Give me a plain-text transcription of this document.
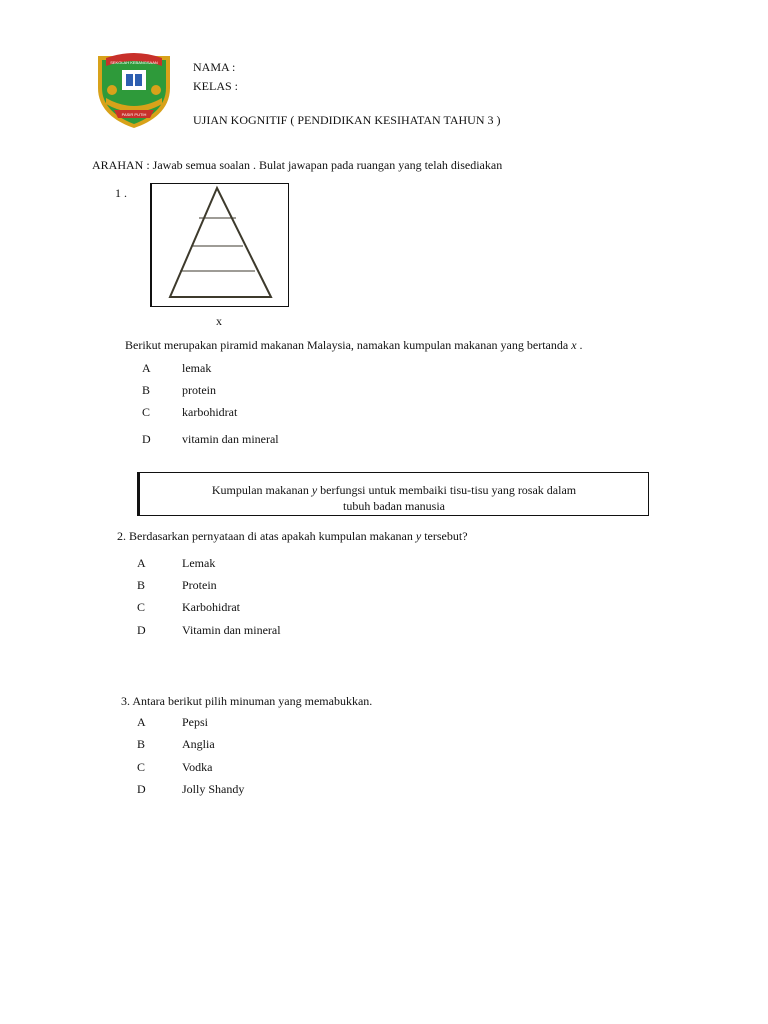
SEKOLAH KEBANGSAAN
PASIR PUTIH
NAMA :
KELAS :
UJIAN KOGNITIF ( PENDIDIKAN KESIHATAN TAHUN 3 )
ARAHAN : Jawab semua soalan . Bulat jawapan pada ruangan yang telah disediakan
1 .
x
Berikut merupakan piramid makanan Malaysia, namakan kumpulan makanan yang bertanda x .
A	lemak
B	protein
C	karbohidrat
D	vitamin dan mineral
Kumpulan makanan y berfungsi untuk membaiki tisu-tisu yang rosak dalam
tubuh badan manusia
2. Berdasarkan pernyataan di atas apakah kumpulan makanan y tersebut?
A	Lemak
B	Protein
C	Karbohidrat
D	Vitamin dan mineral
3. Antara berikut pilih minuman yang memabukkan.
A	Pepsi
B	Anglia
C	Vodka
D	Jolly Shandy
